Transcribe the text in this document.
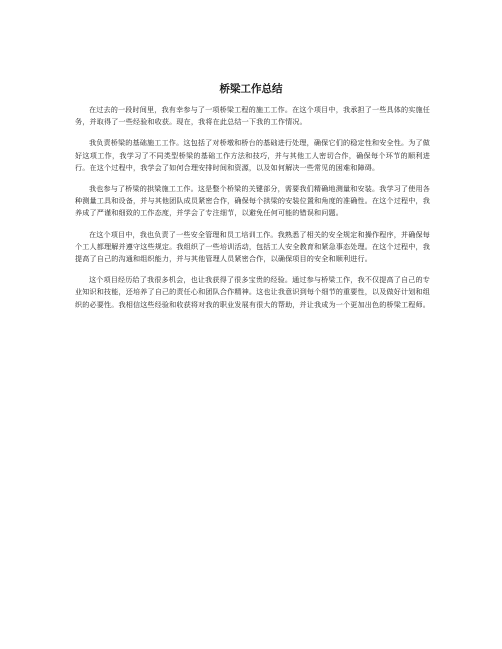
桥梁工作总结

在过去的一段时间里，我有幸参与了一项桥梁工程的施工工作。在这个项目中，我承担了一些具体的实施任务，并取得了一些经验和收获。现在，我将在此总结一下我的工作情况。

我负责桥梁的基础施工工作。这包括了对桥墩和桥台的基础进行处理，确保它们的稳定性和安全性。为了做好这项工作，我学习了不同类型桥梁的基础工作方法和技巧，并与其他工人密切合作，确保每个环节的顺利进行。在这个过程中，我学会了如何合理安排时间和资源，以及如何解决一些常见的困难和障碍。

我也参与了桥梁的拱梁施工工作。这是整个桥梁的关键部分，需要我们精确地测量和安装。我学习了使用各种测量工具和设备，并与其他团队成员紧密合作，确保每个拱梁的安装位置和角度的准确性。在这个过程中，我养成了严谨和细致的工作态度，并学会了专注细节，以避免任何可能的错误和问题。

在这个项目中，我也负责了一些安全管理和员工培训工作。我熟悉了相关的安全规定和操作程序，并确保每个工人都理解并遵守这些规定。我组织了一些培训活动，包括工人安全教育和紧急事态处理。在这个过程中，我提高了自己的沟通和组织能力，并与其他管理人员紧密合作，以确保项目的安全和顺利进行。

这个项目经历给了我很多机会，也让我获得了很多宝贵的经验。通过参与桥梁工作，我不仅提高了自己的专业知识和技能，还培养了自己的责任心和团队合作精神。这也让我意识到每个细节的重要性，以及做好计划和组织的必要性。我相信这些经验和收获将对我的职业发展有很大的帮助，并让我成为一个更加出色的桥梁工程师。
